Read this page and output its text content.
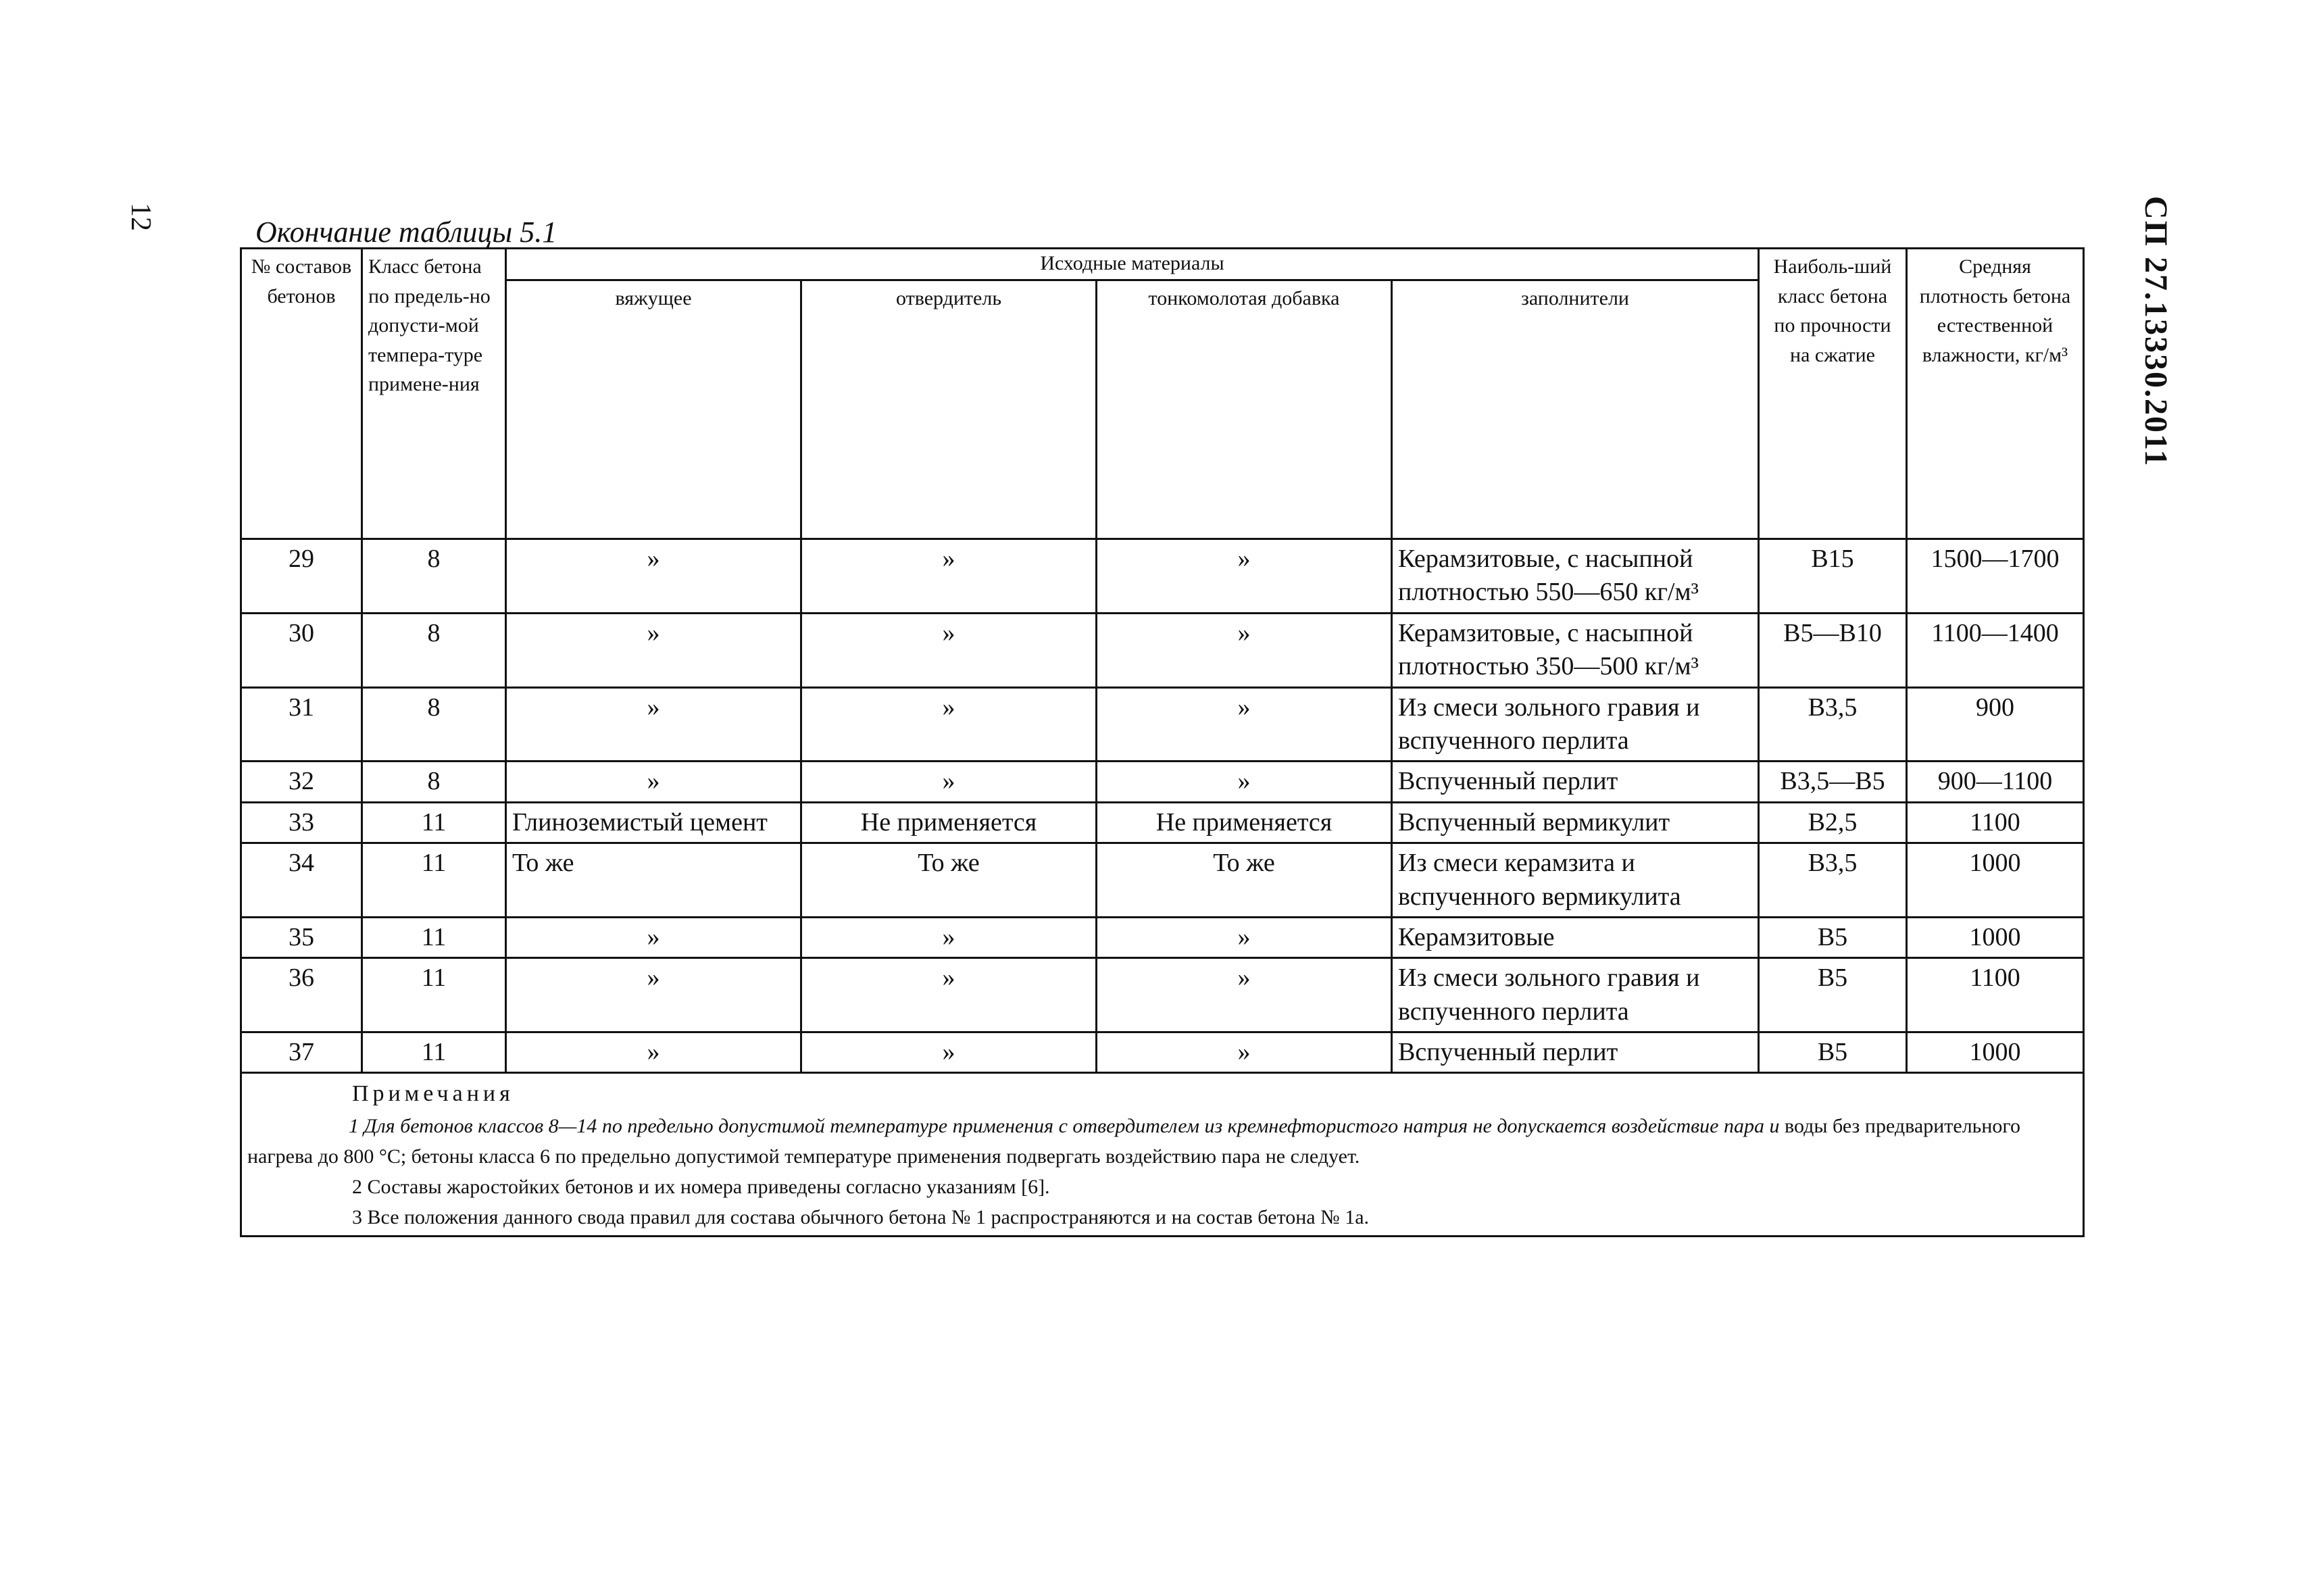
12	СП 27.13330.2011
Окончание таблицы 5.1
№ составов бетонов	Класс бетона по предель-но допусти-мой темпера-туре примене-ния	Исходные материалы				Наиболь-ший класс бетона по прочности на сжатие	Средняя плотность бетона естественной влажности, кг/м³
		вяжущее	отвердитель	тонкомолотая добавка	заполнители		
29	8	»	»	»	Керамзитовые, с насыпной плотностью 550—650 кг/м³	В15	1500—1700
30	8	»	»	»	Керамзитовые, с насыпной плотностью 350—500 кг/м³	В5—В10	1100—1400
31	8	»	»	»	Из смеси зольного гравия и вспученного перлита	В3,5	900
32	8	»	»	»	Вспученный перлит	В3,5—В5	900—1100
33	11	Глиноземистый цемент	Не применяется	Не применяется	Вспученный вермикулит	В2,5	1100
34	11	То же	То же	То же	Из смеси керамзита и вспученного вермикулита	В3,5	1000
35	11	»	»	»	Керамзитовые	В5	1000
36	11	»	»	»	Из смеси зольного гравия и вспученного перлита	В5	1100
37	11	»	»	»	Вспученный перлит	В5	1000

Примечания
1 Для бетонов классов 8—14 по предельно допустимой температуре применения с отвердителем из кремнефтористого натрия не допускается воздействие пара и воды без предварительного нагрева до 800 °С; бетоны класса 6 по предельно допустимой температуре применения подвергать воздействию пара не следует.
2 Составы жаростойких бетонов и их номера приведены согласно указаниям [6].
3 Все положения данного свода правил для состава обычного бетона № 1 распространяются и на состав бетона № 1а.							
